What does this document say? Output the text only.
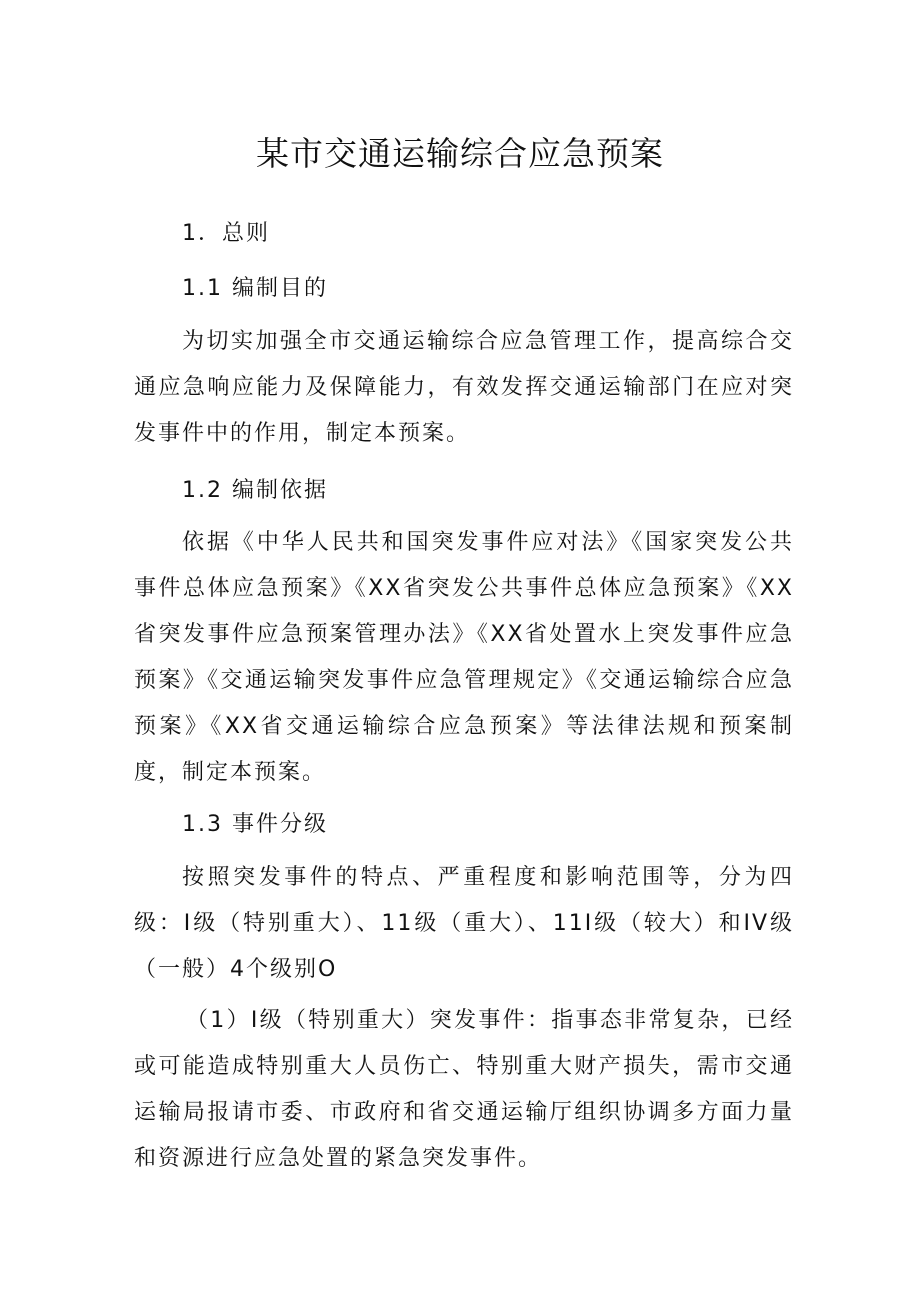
某市交通运输综合应急预案
1．总则
1.1 编制目的

为切实加强全市交通运输综合应急管理工作，提高综合交通应急响应能力及保障能力，有效发挥交通运输部门在应对突发事件中的作用，制定本预案。

1.2 编制依据

依据《中华人民共和国突发事件应对法》《国家突发公共事件总体应急预案》《XX省突发公共事件总体应急预案》《XX省突发事件应急预案管理办法》《XX省处置水上突发事件应急预案》《交通运输突发事件应急管理规定》《交通运输综合应急预案》《XX省交通运输综合应急预案》等法律法规和预案制度，制定本预案。

1.3 事件分级

按照突发事件的特点、严重程度和影响范围等，分为四级：I级（特别重大）、11级（重大）、11I级（较大）和IV级（一般）4个级别O

（1）I级（特别重大）突发事件：指事态非常复杂，已经或可能造成特别重大人员伤亡、特别重大财产损失，需市交通运输局报请市委、市政府和省交通运输厅组织协调多方面力量和资源进行应急处置的紧急突发事件。
